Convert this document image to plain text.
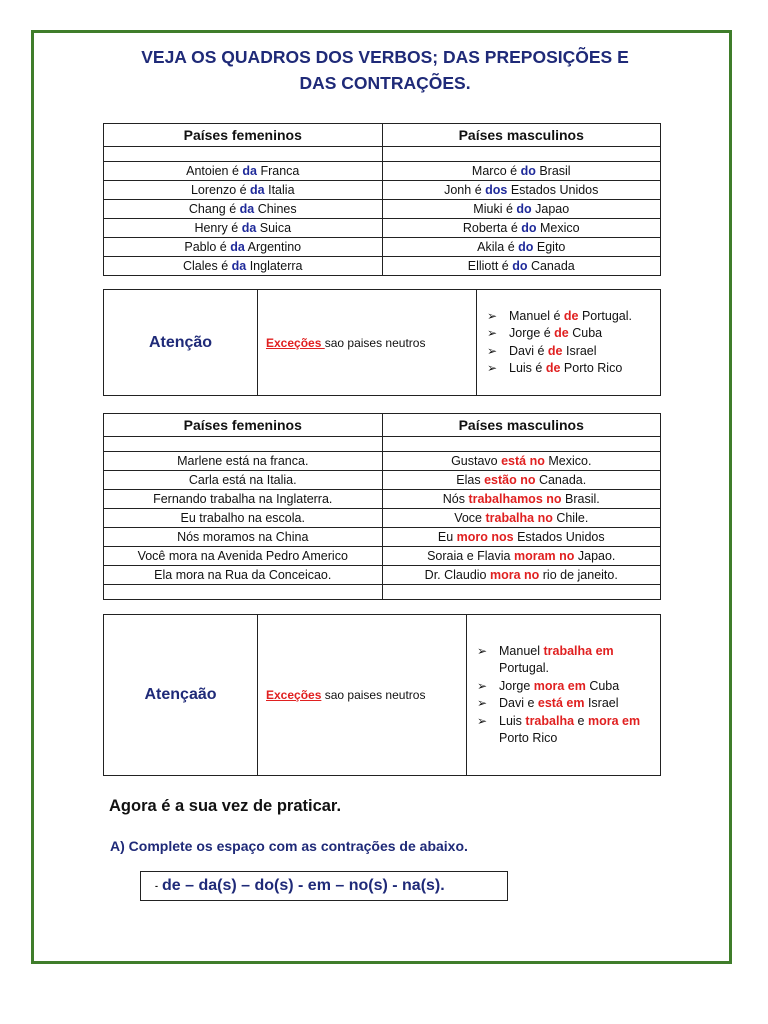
VEJA OS QUADROS DOS VERBOS; DAS PREPOSIÇÕES E
DAS CONTRAÇÕES.
Países femeninos	Países masculinos

Antoien é da Franca	Marco é do Brasil
Lorenzo é da Italia	Jonh é dos Estados Unidos
Chang é da Chines	Miuki é do Japao
Henry é da Suica	Roberta é do Mexico
Pablo é da Argentino	Akila é do Egito
Clales é da Inglaterra	Elliott é do Canada
Atenção	Exceções sao paises neutros	
➢ Manuel é de Portugal.
➢ Jorge é de Cuba
➢ Davi é de Israel
➢ Luis é de Porto Rico
Países femeninos	Países masculinos

Marlene está na franca.	Gustavo está no Mexico.
Carla está na Italia.	Elas estão no Canada.
Fernando trabalha na Inglaterra.	Nós trabalhamos no Brasil.
Eu trabalho na escola.	Voce trabalha no Chile.
Nós moramos na China	Eu moro nos Estados Unidos
Você mora na Avenida Pedro Americo	Soraia e Flavia moram no Japao.
Ela mora na Rua da Conceicao.	Dr. Claudio mora no rio de janeito.

Atençaão	Exceções sao paises neutros	
➢ Manuel trabalha em Portugal.
➢ Jorge mora em Cuba
➢ Davi e está em Israel
➢ Luis trabalha e mora em Porto Rico
Agora é a sua vez de praticar.
A) Complete os espaço com as contrações de abaixo.
- de – da(s) – do(s) - em – no(s) - na(s).
